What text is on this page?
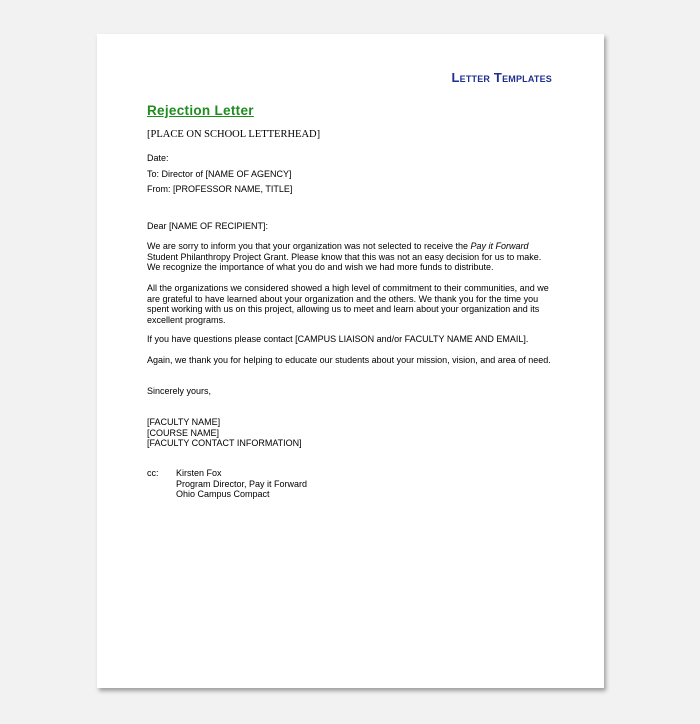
Letter Templates
Rejection Letter
[PLACE ON SCHOOL LETTERHEAD]
Date:
To: Director of [NAME OF AGENCY]
From: [PROFESSOR NAME, TITLE]
Dear [NAME OF RECIPIENT]:
We are sorry to inform you that your organization was not selected to receive the Pay it Forward
Student Philanthropy Project Grant. Please know that this was not an easy decision for us to make.
We recognize the importance of what you do and wish we had more funds to distribute.
All the organizations we considered showed a high level of commitment to their communities, and we
are grateful to have learned about your organization and the others. We thank you for the time you
spent working with us on this project, allowing us to meet and learn about your organization and its
excellent programs.
If you have questions please contact [CAMPUS LIAISON and/or FACULTY NAME AND EMAIL].
Again, we thank you for helping to educate our students about your mission, vision, and area of need.
Sincerely yours,
[FACULTY NAME]
[COURSE NAME]
[FACULTY CONTACT INFORMATION]
cc: Kirsten Fox
Program Director, Pay it Forward
Ohio Campus Compact
